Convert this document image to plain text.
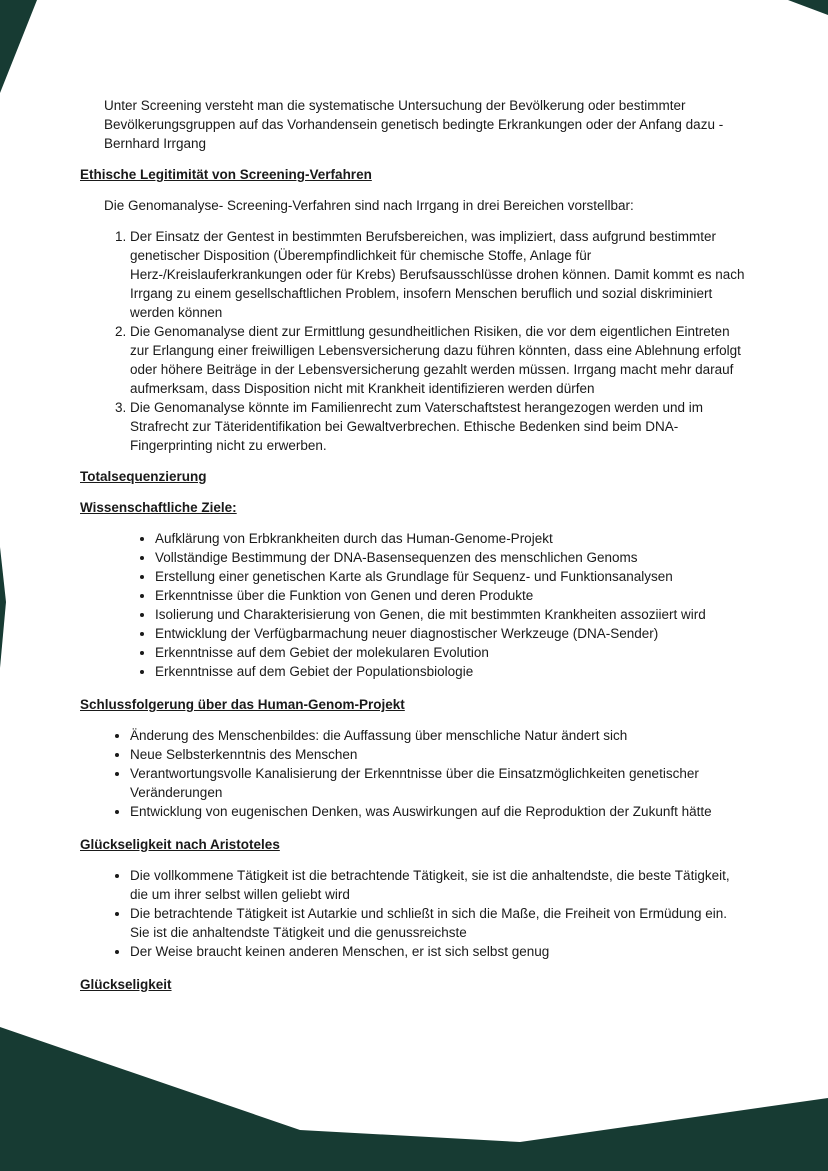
Unter Screening versteht man die systematische Untersuchung der Bevölkerung oder bestimmter Bevölkerungsgruppen auf das Vorhandensein genetisch bedingte Erkrankungen oder der Anfang dazu - Bernhard Irrgang

Ethische Legitimität von Screening-Verfahren

Die Genomanalyse- Screening-Verfahren sind nach Irrgang in drei Bereichen vorstellbar:

1. Der Einsatz der Gentest in bestimmten Berufsbereichen, was impliziert, dass aufgrund bestimmter genetischer Disposition (Überempfindlichkeit für chemische Stoffe, Anlage für Herz-/Kreislauferkrankungen oder für Krebs) Berufsausschlüsse drohen können. Damit kommt es nach Irrgang zu einem gesellschaftlichen Problem, insofern Menschen beruflich und sozial diskriminiert werden können
2. Die Genomanalyse dient zur Ermittlung gesundheitlichen Risiken, die vor dem eigentlichen Eintreten zur Erlangung einer freiwilligen Lebensversicherung dazu führen könnten, dass eine Ablehnung erfolgt oder höhere Beiträge in der Lebensversicherung gezahlt werden müssen. Irrgang macht mehr darauf aufmerksam, dass Disposition nicht mit Krankheit identifizieren werden dürfen
3. Die Genomanalyse könnte im Familienrecht zum Vaterschaftstest herangezogen werden und im Strafrecht zur Täteridentifikation bei Gewaltverbrechen. Ethische Bedenken sind beim DNA-Fingerprinting nicht zu erwerben.
Totalsequenzierung
Wissenschaftliche Ziele:
• Aufklärung von Erbkrankheiten durch das Human-Genome-Projekt
• Vollständige Bestimmung der DNA-Basensequenzen des menschlichen Genoms
• Erstellung einer genetischen Karte als Grundlage für Sequenz- und Funktionsanalysen
• Erkenntnisse über die Funktion von Genen und deren Produkte
• Isolierung und Charakterisierung von Genen, die mit bestimmten Krankheiten assoziiert wird
• Entwicklung der Verfügbarmachung neuer diagnostischer Werkzeuge (DNA-Sender)
• Erkenntnisse auf dem Gebiet der molekularen Evolution
• Erkenntnisse auf dem Gebiet der Populationsbiologie
Schlussfolgerung über das Human-Genom-Projekt
• Änderung des Menschenbildes: die Auffassung über menschliche Natur ändert sich
• Neue Selbsterkenntnis des Menschen
• Verantwortungsvolle Kanalisierung der Erkenntnisse über die Einsatzmöglichkeiten genetischer Veränderungen
• Entwicklung von eugenischen Denken, was Auswirkungen auf die Reproduktion der Zukunft hätte
Glückseligkeit nach Aristoteles
• Die vollkommene Tätigkeit ist die betrachtende Tätigkeit, sie ist die anhaltendste, die beste Tätigkeit, die um ihrer selbst willen geliebt wird
• Die betrachtende Tätigkeit ist Autarkie und schließt in sich die Maße, die Freiheit von Ermüdung ein. Sie ist die anhaltendste Tätigkeit und die genussreichste
• Der Weise braucht keinen anderen Menschen, er ist sich selbst genug
Glückseligkeit
